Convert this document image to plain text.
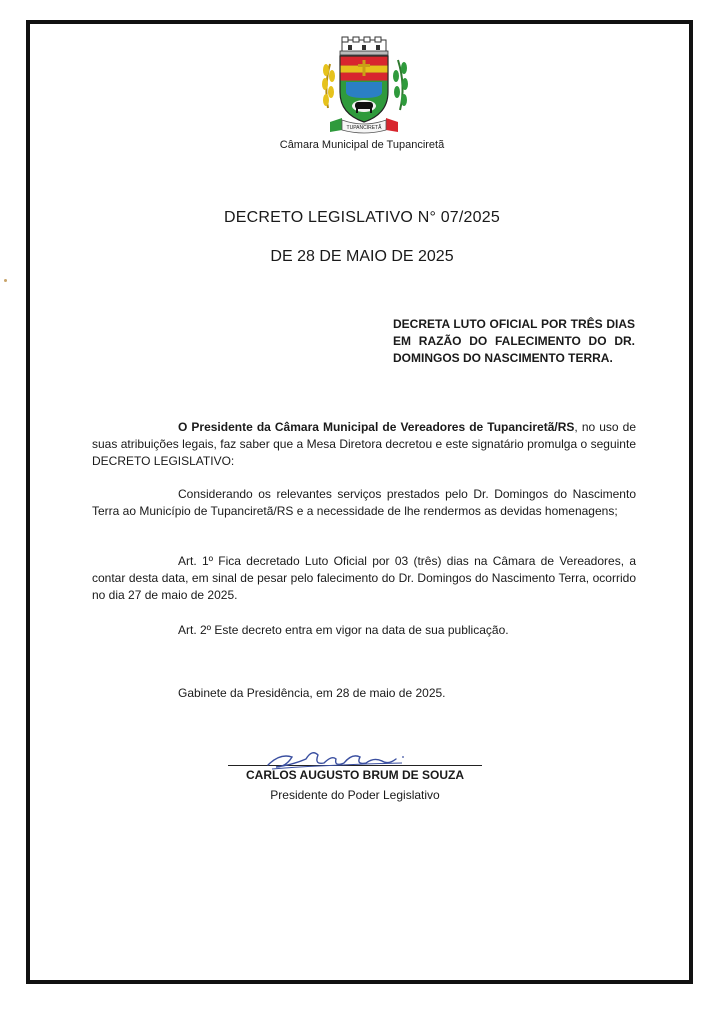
TUPANCIRETÃ
Câmara Municipal de Tupanciretã
DECRETO LEGISLATIVO N° 07/2025
DE 28 DE MAIO DE 2025
DECRETA LUTO OFICIAL POR TRÊS DIAS EM RAZÃO DO FALECIMENTO DO DR. DOMINGOS DO NASCIMENTO TERRA.
O Presidente da Câmara Municipal de Vereadores de Tupanciretã/RS, no uso de suas atribuições legais, faz saber que a Mesa Diretora decretou e este signatário promulga o seguinte DECRETO LEGISLATIVO:
Considerando os relevantes serviços prestados pelo Dr. Domingos do Nascimento Terra ao Município de Tupanciretã/RS e a necessidade de lhe rendermos as devidas homenagens;
Art. 1º Fica decretado Luto Oficial por 03 (três) dias na Câmara de Vereadores, a contar desta data, em sinal de pesar pelo falecimento do Dr. Domingos do Nascimento Terra, ocorrido no dia 27 de maio de 2025.
Art. 2º Este decreto entra em vigor na data de sua publicação.
Gabinete da Presidência, em 28 de maio de 2025.
CARLOS AUGUSTO BRUM DE SOUZA
Presidente do Poder Legislativo
